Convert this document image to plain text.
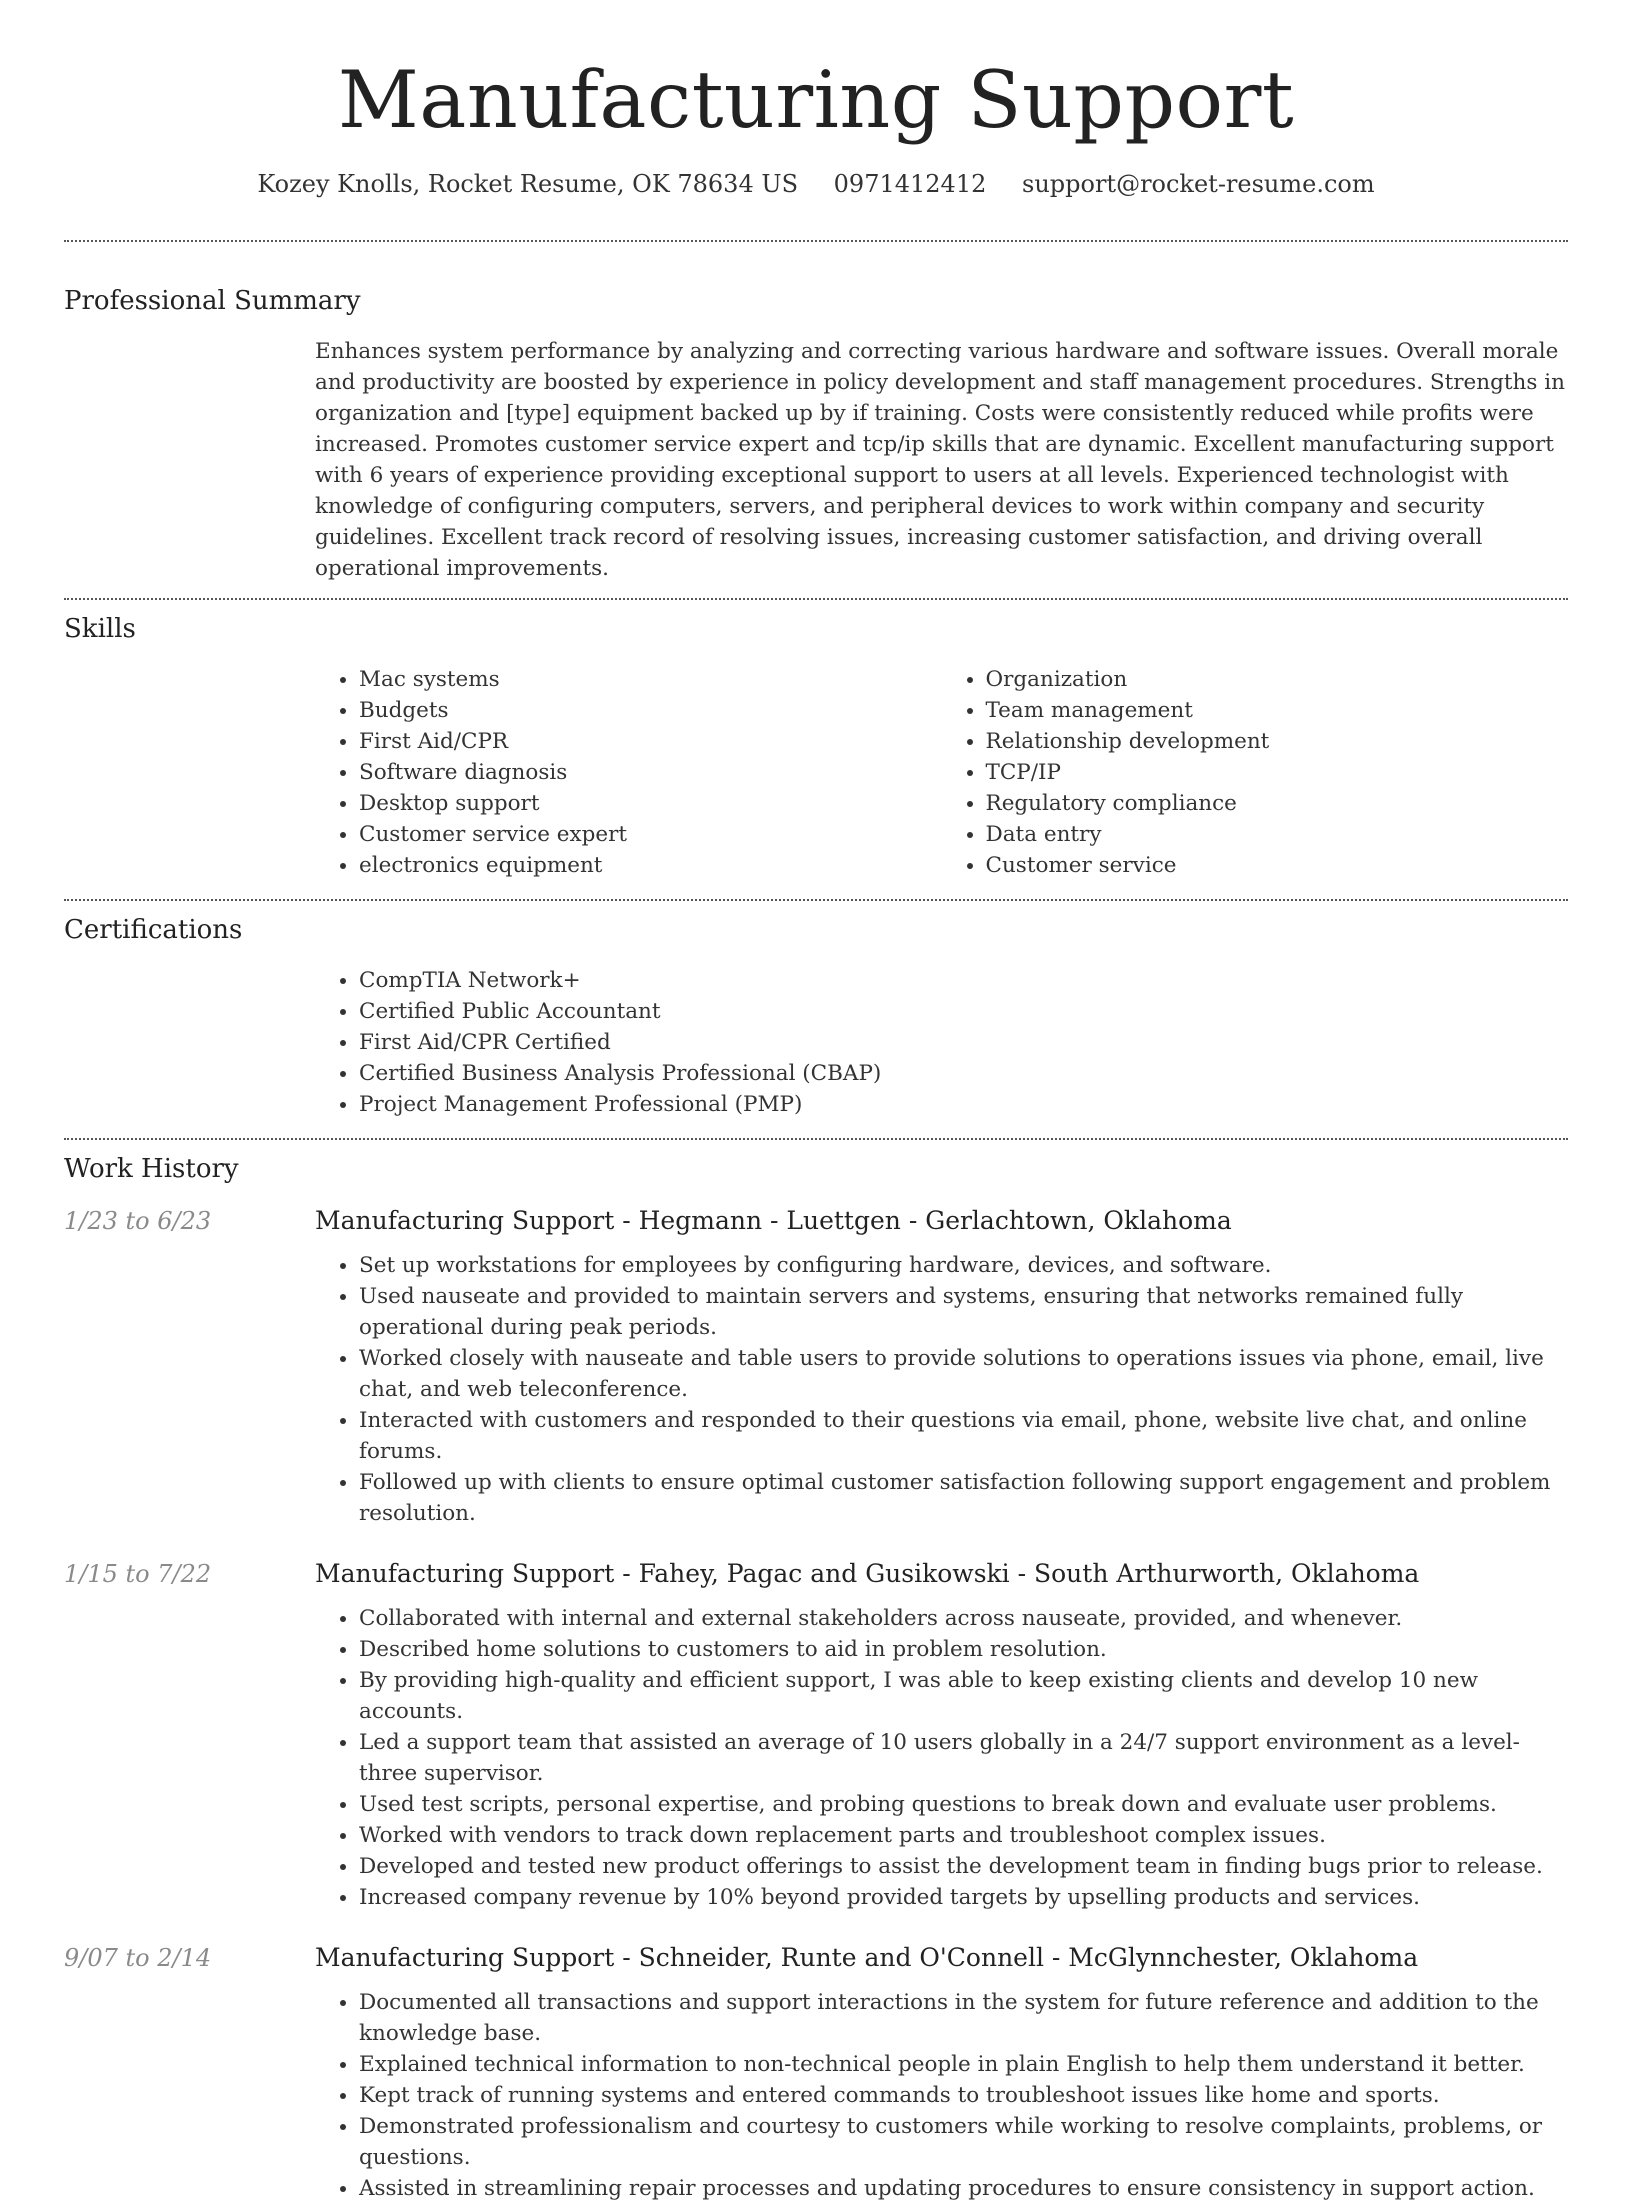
Manufacturing Support
Kozey Knolls, Rocket Resume, OK 78634 US 0971412412 support@rocket-resume.com
Professional Summary

Enhances system performance by analyzing and correcting various hardware and software issues. Overall morale and productivity are boosted by experience in policy development and staff management procedures. Strengths in organization and [type] equipment backed up by if training. Costs were consistently reduced while profits were increased. Promotes customer service expert and tcp/ip skills that are dynamic. Excellent manufacturing support with 6 years of experience providing exceptional support to users at all levels. Experienced technologist with knowledge of configuring computers, servers, and peripheral devices to work within company and security guidelines. Excellent track record of resolving issues, increasing customer satisfaction, and driving overall operational improvements.

Skills
• Mac systems
• Budgets
• First Aid/CPR
• Software diagnosis
• Desktop support
• Customer service expert
• electronics equipment
• Organization
• Team management
• Relationship development
• TCP/IP
• Regulatory compliance
• Data entry
• Customer service
Certifications
• CompTIA Network+
• Certified Public Accountant
• First Aid/CPR Certified
• Certified Business Analysis Professional (CBAP)
• Project Management Professional (PMP)
Work History
1/23 to 6/23	Manufacturing Support - Hegmann - Luettgen - Gerlachtown, Oklahoma
• Set up workstations for employees by configuring hardware, devices, and software.
• Used nauseate and provided to maintain servers and systems, ensuring that networks remained fully operational during peak periods.
• Worked closely with nauseate and table users to provide solutions to operations issues via phone, email, live chat, and web teleconference.
• Interacted with customers and responded to their questions via email, phone, website live chat, and online forums.
• Followed up with clients to ensure optimal customer satisfaction following support engagement and problem resolution.
1/15 to 7/22	Manufacturing Support - Fahey, Pagac and Gusikowski - South Arthurworth, Oklahoma
• Collaborated with internal and external stakeholders across nauseate, provided, and whenever.
• Described home solutions to customers to aid in problem resolution.
• By providing high-quality and efficient support, I was able to keep existing clients and develop 10 new accounts.
• Led a support team that assisted an average of 10 users globally in a 24/7 support environment as a level-three supervisor.
• Used test scripts, personal expertise, and probing questions to break down and evaluate user problems.
• Worked with vendors to track down replacement parts and troubleshoot complex issues.
• Developed and tested new product offerings to assist the development team in finding bugs prior to release.
• Increased company revenue by 10% beyond provided targets by upselling products and services.
9/07 to 2/14	Manufacturing Support - Schneider, Runte and O'Connell - McGlynnchester, Oklahoma
• Documented all transactions and support interactions in the system for future reference and addition to the knowledge base.
• Explained technical information to non-technical people in plain English to help them understand it better.
• Kept track of running systems and entered commands to troubleshoot issues like home and sports.
• Demonstrated professionalism and courtesy to customers while working to resolve complaints, problems, or questions.
• Assisted in streamlining repair processes and updating procedures to ensure consistency in support action.
